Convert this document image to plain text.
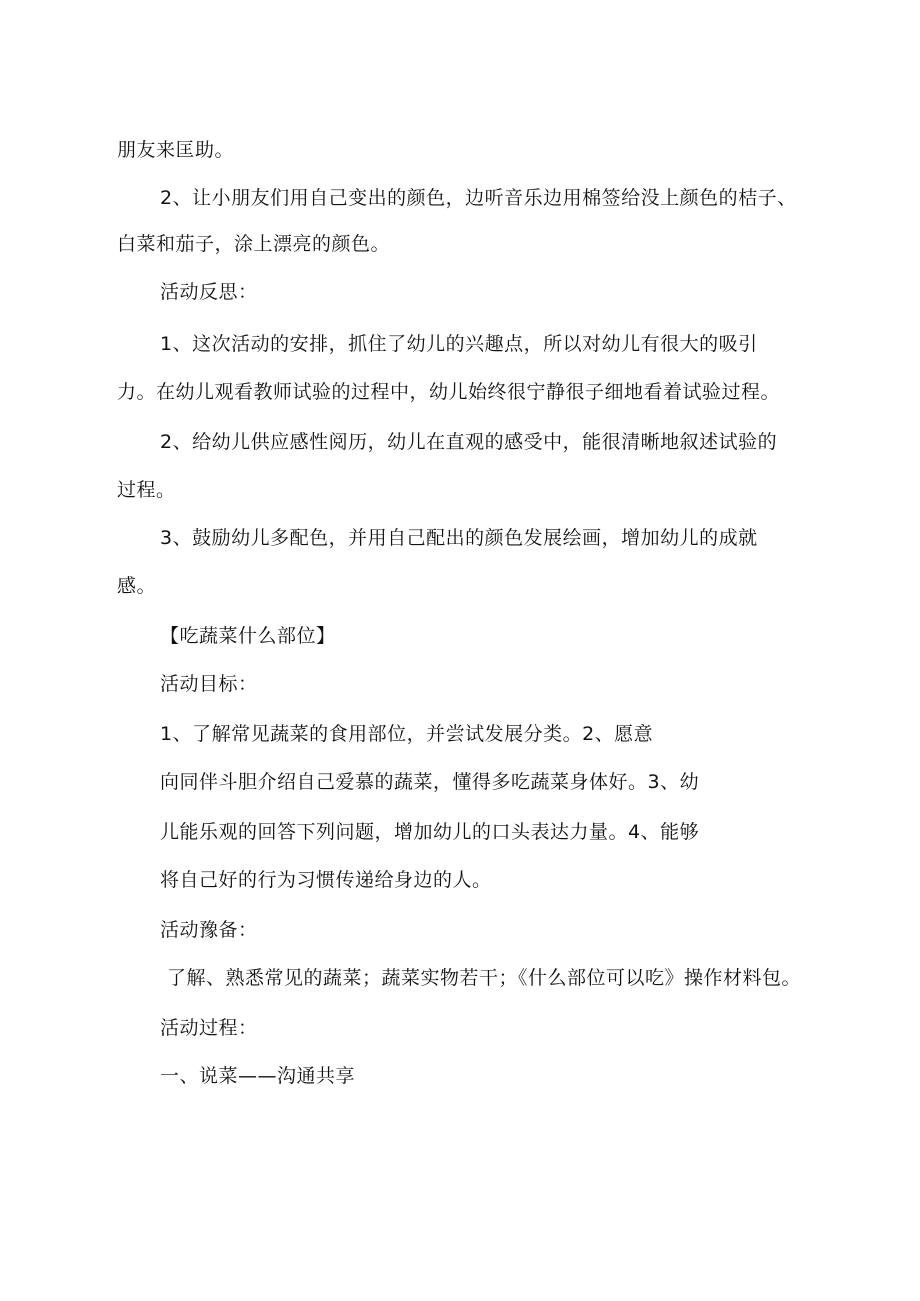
朋友来匡助。
2、让小朋友们用自己变出的颜色，边听音乐边用棉签给没上颜色的桔子、
白菜和茄子，涂上漂亮的颜色。
活动反思：
1、这次活动的安排，抓住了幼儿的兴趣点，所以对幼儿有很大的吸引
力。在幼儿观看教师试验的过程中，幼儿始终很宁静很子细地看着试验过程。
2、给幼儿供应感性阅历，幼儿在直观的感受中，能很清晰地叙述试验的
过程。
3、鼓励幼儿多配色，并用自己配出的颜色发展绘画，增加幼儿的成就
感。
【吃蔬菜什么部位】
活动目标：
1、了解常见蔬菜的食用部位，并尝试发展分类。2、愿意
向同伴斗胆介绍自己爱慕的蔬菜，懂得多吃蔬菜身体好。3、幼
儿能乐观的回答下列问题，增加幼儿的口头表达力量。4、能够
将自己好的行为习惯传递给身边的人。
活动豫备：
了解、熟悉常见的蔬菜；蔬菜实物若干；《什么部位可以吃》操作材料包。
活动过程：
一、说菜——沟通共享
